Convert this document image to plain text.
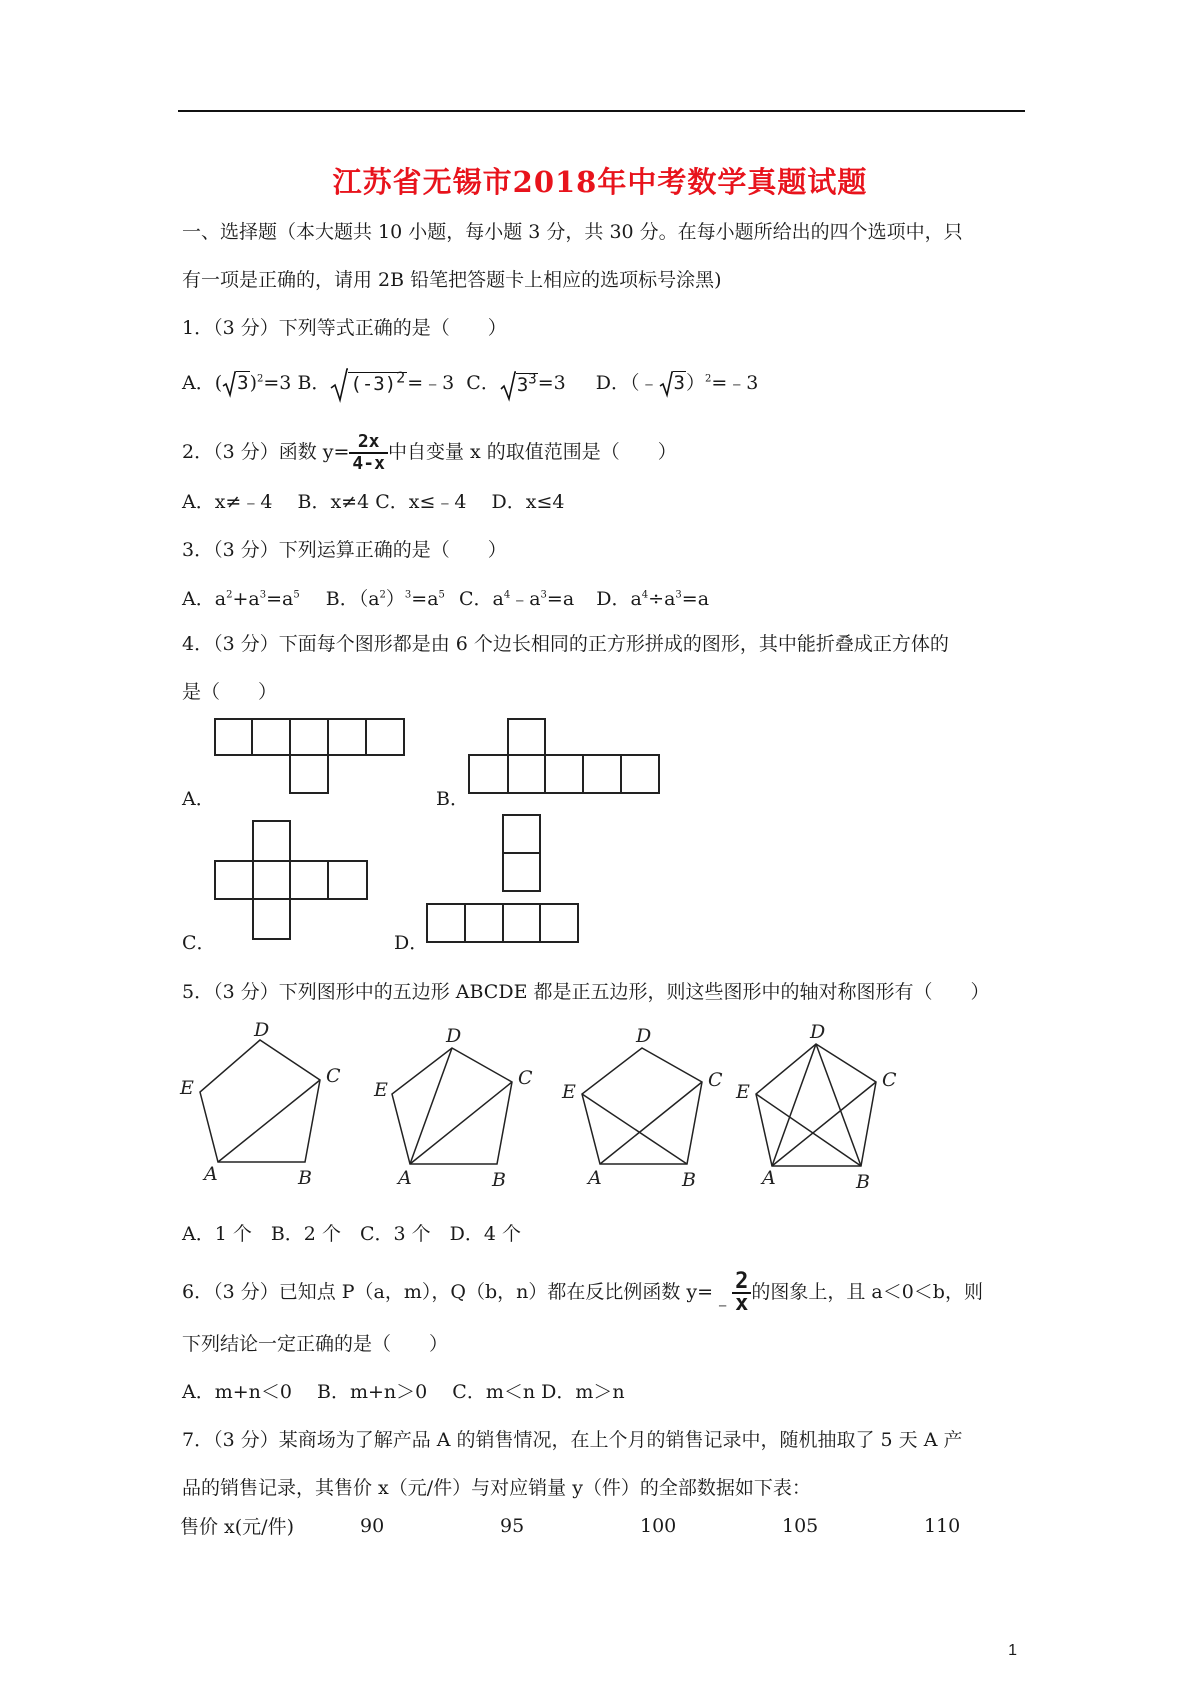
江苏省无锡市2018年中考数学真题试题
一、选择题（本大题共 10 小题，每小题 3 分，共 30 分。在每小题所给出的四个选项中，只
有一项是正确的，请用 2B 铅笔把答题卡上相应的选项标号涂黑)
1．（3 分）下列等式正确的是（　　）
A．( 3)$^2$=3 B． $(-3)^2$ =﹣3 C． $3^3=3$ D．（﹣ 3）$^2$=﹣3
2．（3 分）函数 $y= \frac{2x}{4-x}$ 中自变量 x 的取值范围是（　　）
A．x≠﹣4　 B．x≠4 C．x≤﹣4　 D．x≤4
3．（3 分）下列运算正确的是（　　）
A．$a^2+a^3=a^5$ B．$(a^2)^3=a^5$ C．$a^4﹣a^3=a$ D．$a^4\div a^3=a$
4．（3 分）下面每个图形都是由 6 个边长相同的正方形拼成的图形，其中能折叠成正方体的
是（　　）
A．	B．
C．	D．
5．（3 分）下列图形中的五边形 ABCDE 都是正五边形，则这些图形中的轴对称图形有（　　）
D
C
E
A	B
D
C
E
A	B
D
C
E
A	B
D
C
E
A	B
A．1 个　B．2 个　C．3 个　D．4 个
6．（3 分）已知点 P（a，m），Q（b，n）都在反比例函数 y=﹣ $\frac{2}{x}$ 的图象上，且 a＜0＜b，则
下列结论一定正确的是（　　）
A．m+n＜0　 B．m+n＞0　 C．m＜n D．m＞n
7．（3 分）某商场为了解产品 A 的销售情况，在上个月的销售记录中，随机抽取了 5 天 A 产
品的销售记录，其售价 x（元/件）与对应销量 y（件）的全部数据如下表：
售价 x(元/件)	90	95	100	105	110
1
